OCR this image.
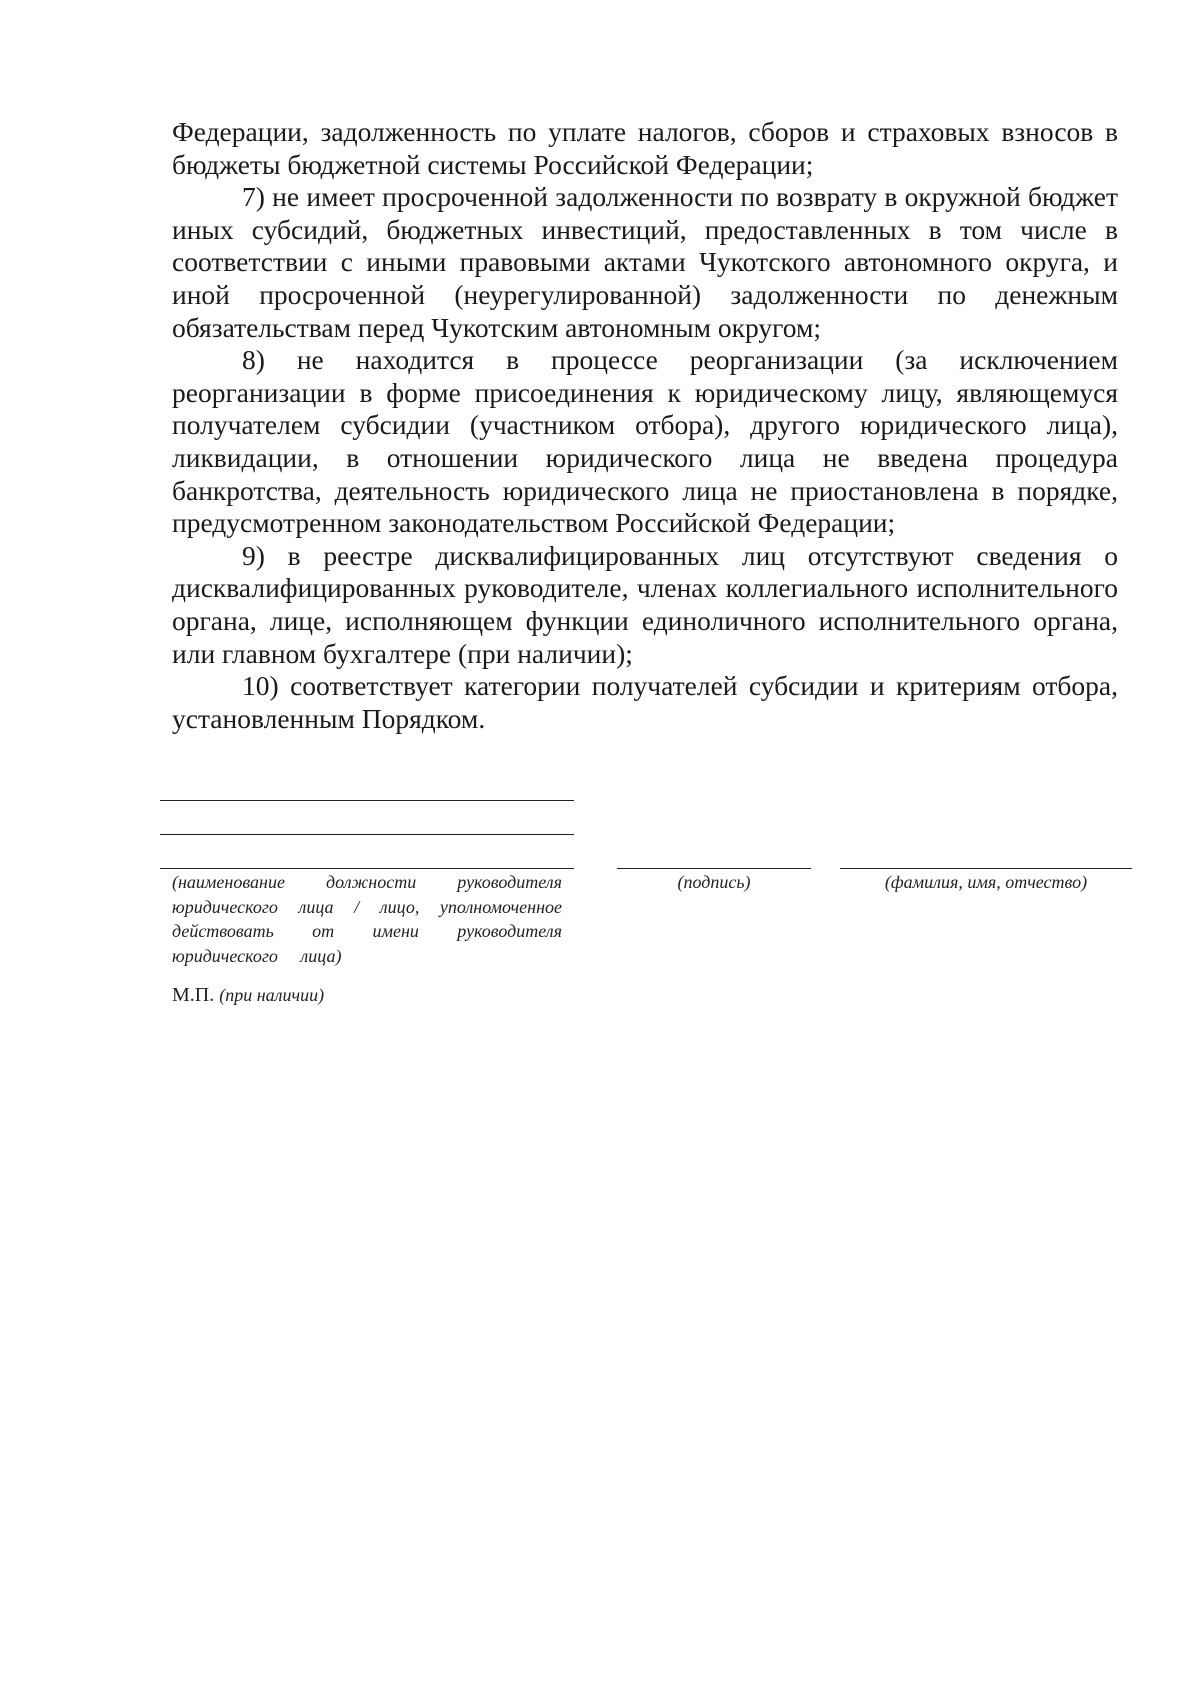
Федерации, задолженность по уплате налогов, сборов и страховых взносов в бюджеты бюджетной системы Российской Федерации;

7) не имеет просроченной задолженности по возврату в окружной бюджет иных субсидий, бюджетных инвестиций, предоставленных в том числе в соответствии с иными правовыми актами Чукотского автономного округа, и иной просроченной (неурегулированной) задолженности по денежным обязательствам перед Чукотским автономным округом;

8) не находится в процессе реорганизации (за исключением реорганизации в форме присоединения к юридическому лицу, являющемуся получателем субсидии (участником отбора), другого юридического лица), ликвидации, в отношении юридического лица не введена процедура банкротства, деятельность юридического лица не приостановлена в порядке, предусмотренном законодательством Российской Федерации;

9) в реестре дисквалифицированных лиц отсутствуют сведения о дисквалифицированных руководителе, членах коллегиального исполнительного органа, лице, исполняющем функции единоличного исполнительного органа, или главном бухгалтере (при наличии);

10) соответствует категории получателей субсидии и критериям отбора, установленным Порядком.

(наименование должности руководителя
юридического лица / лицо, уполномоченное
действовать от имени руководителя
юридического лица)
(подпись)	(фамилия, имя, отчество)
М.П. (при наличии)
